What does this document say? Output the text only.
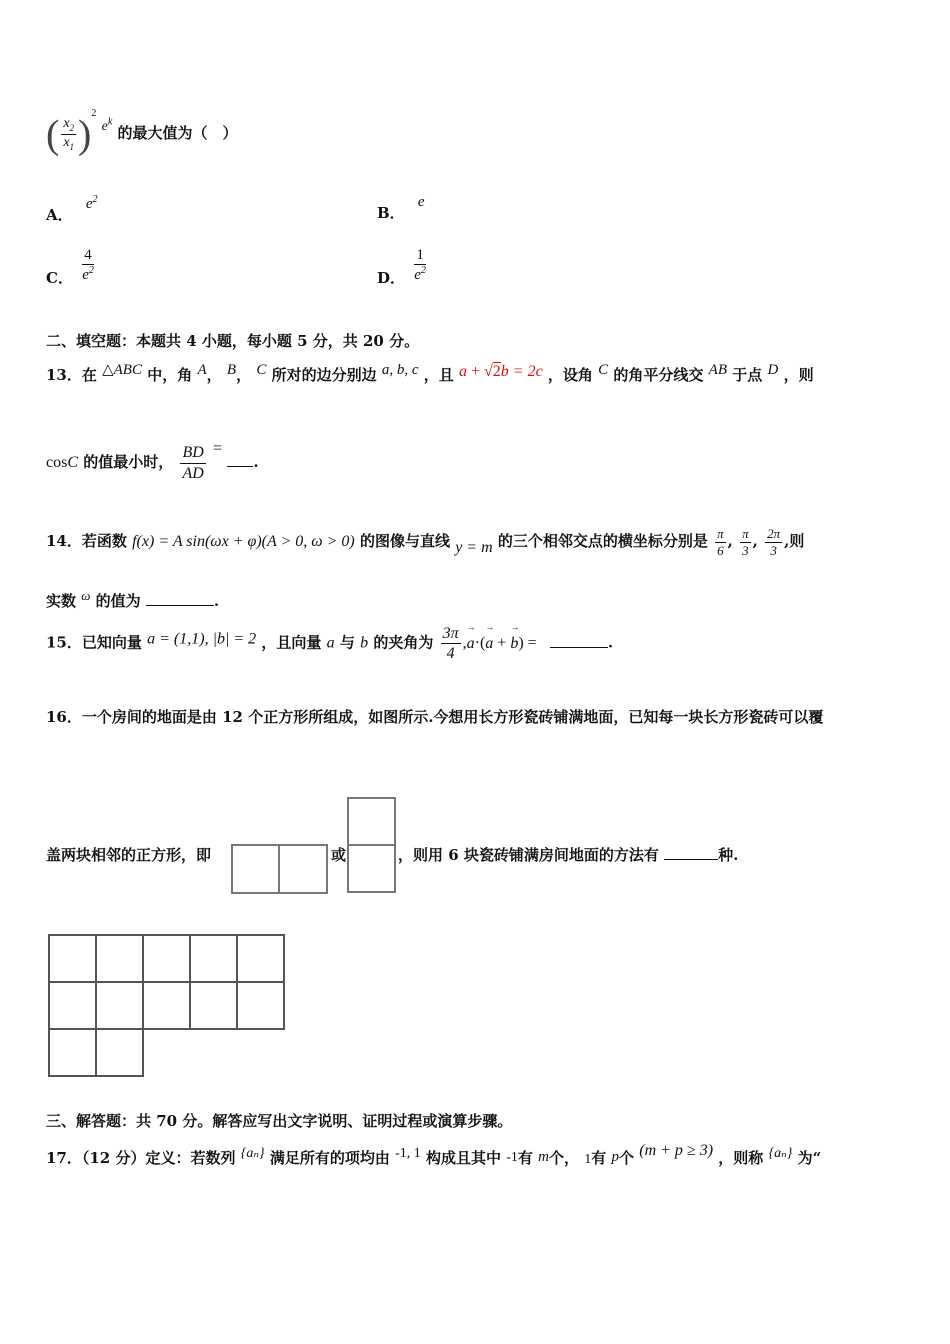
( $\frac{x_2}{x_1} )^2$ $e^k$ 的最大值为（　）
A． $e^2$
B． e
C． $\frac{4}{e^2}$	D． $\frac{1}{e^2}$
二、填空题：本题共 4 小题，每小题 5 分，共 20 分。
13．在 △ABC 中，角 A， B， C 所对的边分别边 a, b, c ，且 a + √2b = 2c ，设角 C 的角平分线交 AB 于点 D ，则
cosC 的值最小时， $\frac{BD}{AD}$ = .
14．若函数 f(x) = A sin(ωx + φ)(A > 0, ω > 0) 的图像与直线 y = m 的三个相邻交点的横坐标分别是 $\frac{\pi}{6}$ , $\frac{\pi}{3}$ , $\frac{2\pi}{3}$ ,则
实数 ω 的值为	.
15．已知向量 a = (1,1), |b| = 2 ，且向量 a 与 b 的夹角为 $\frac{3\pi}{4}$ ,→ a·(→ a + → b) =	.
16．一个房间的地面是由 12 个正方形所组成，如图所示.今想用长方形瓷砖铺满地面，已知每一块长方形瓷砖可以覆
盖两块相邻的正方形，即	或	，则用 6 块瓷砖铺满房间地面的方法有	种.
三、解答题：共 70 分。解答应写出文字说明、证明过程或演算步骤。
17．（12 分）定义：若数列 {aₙ} 满足所有的项均由 -1, 1 构成且其中 -1有 m个， 1有 p个 (m + p ≥ 3) ，则称 {aₙ} 为“
